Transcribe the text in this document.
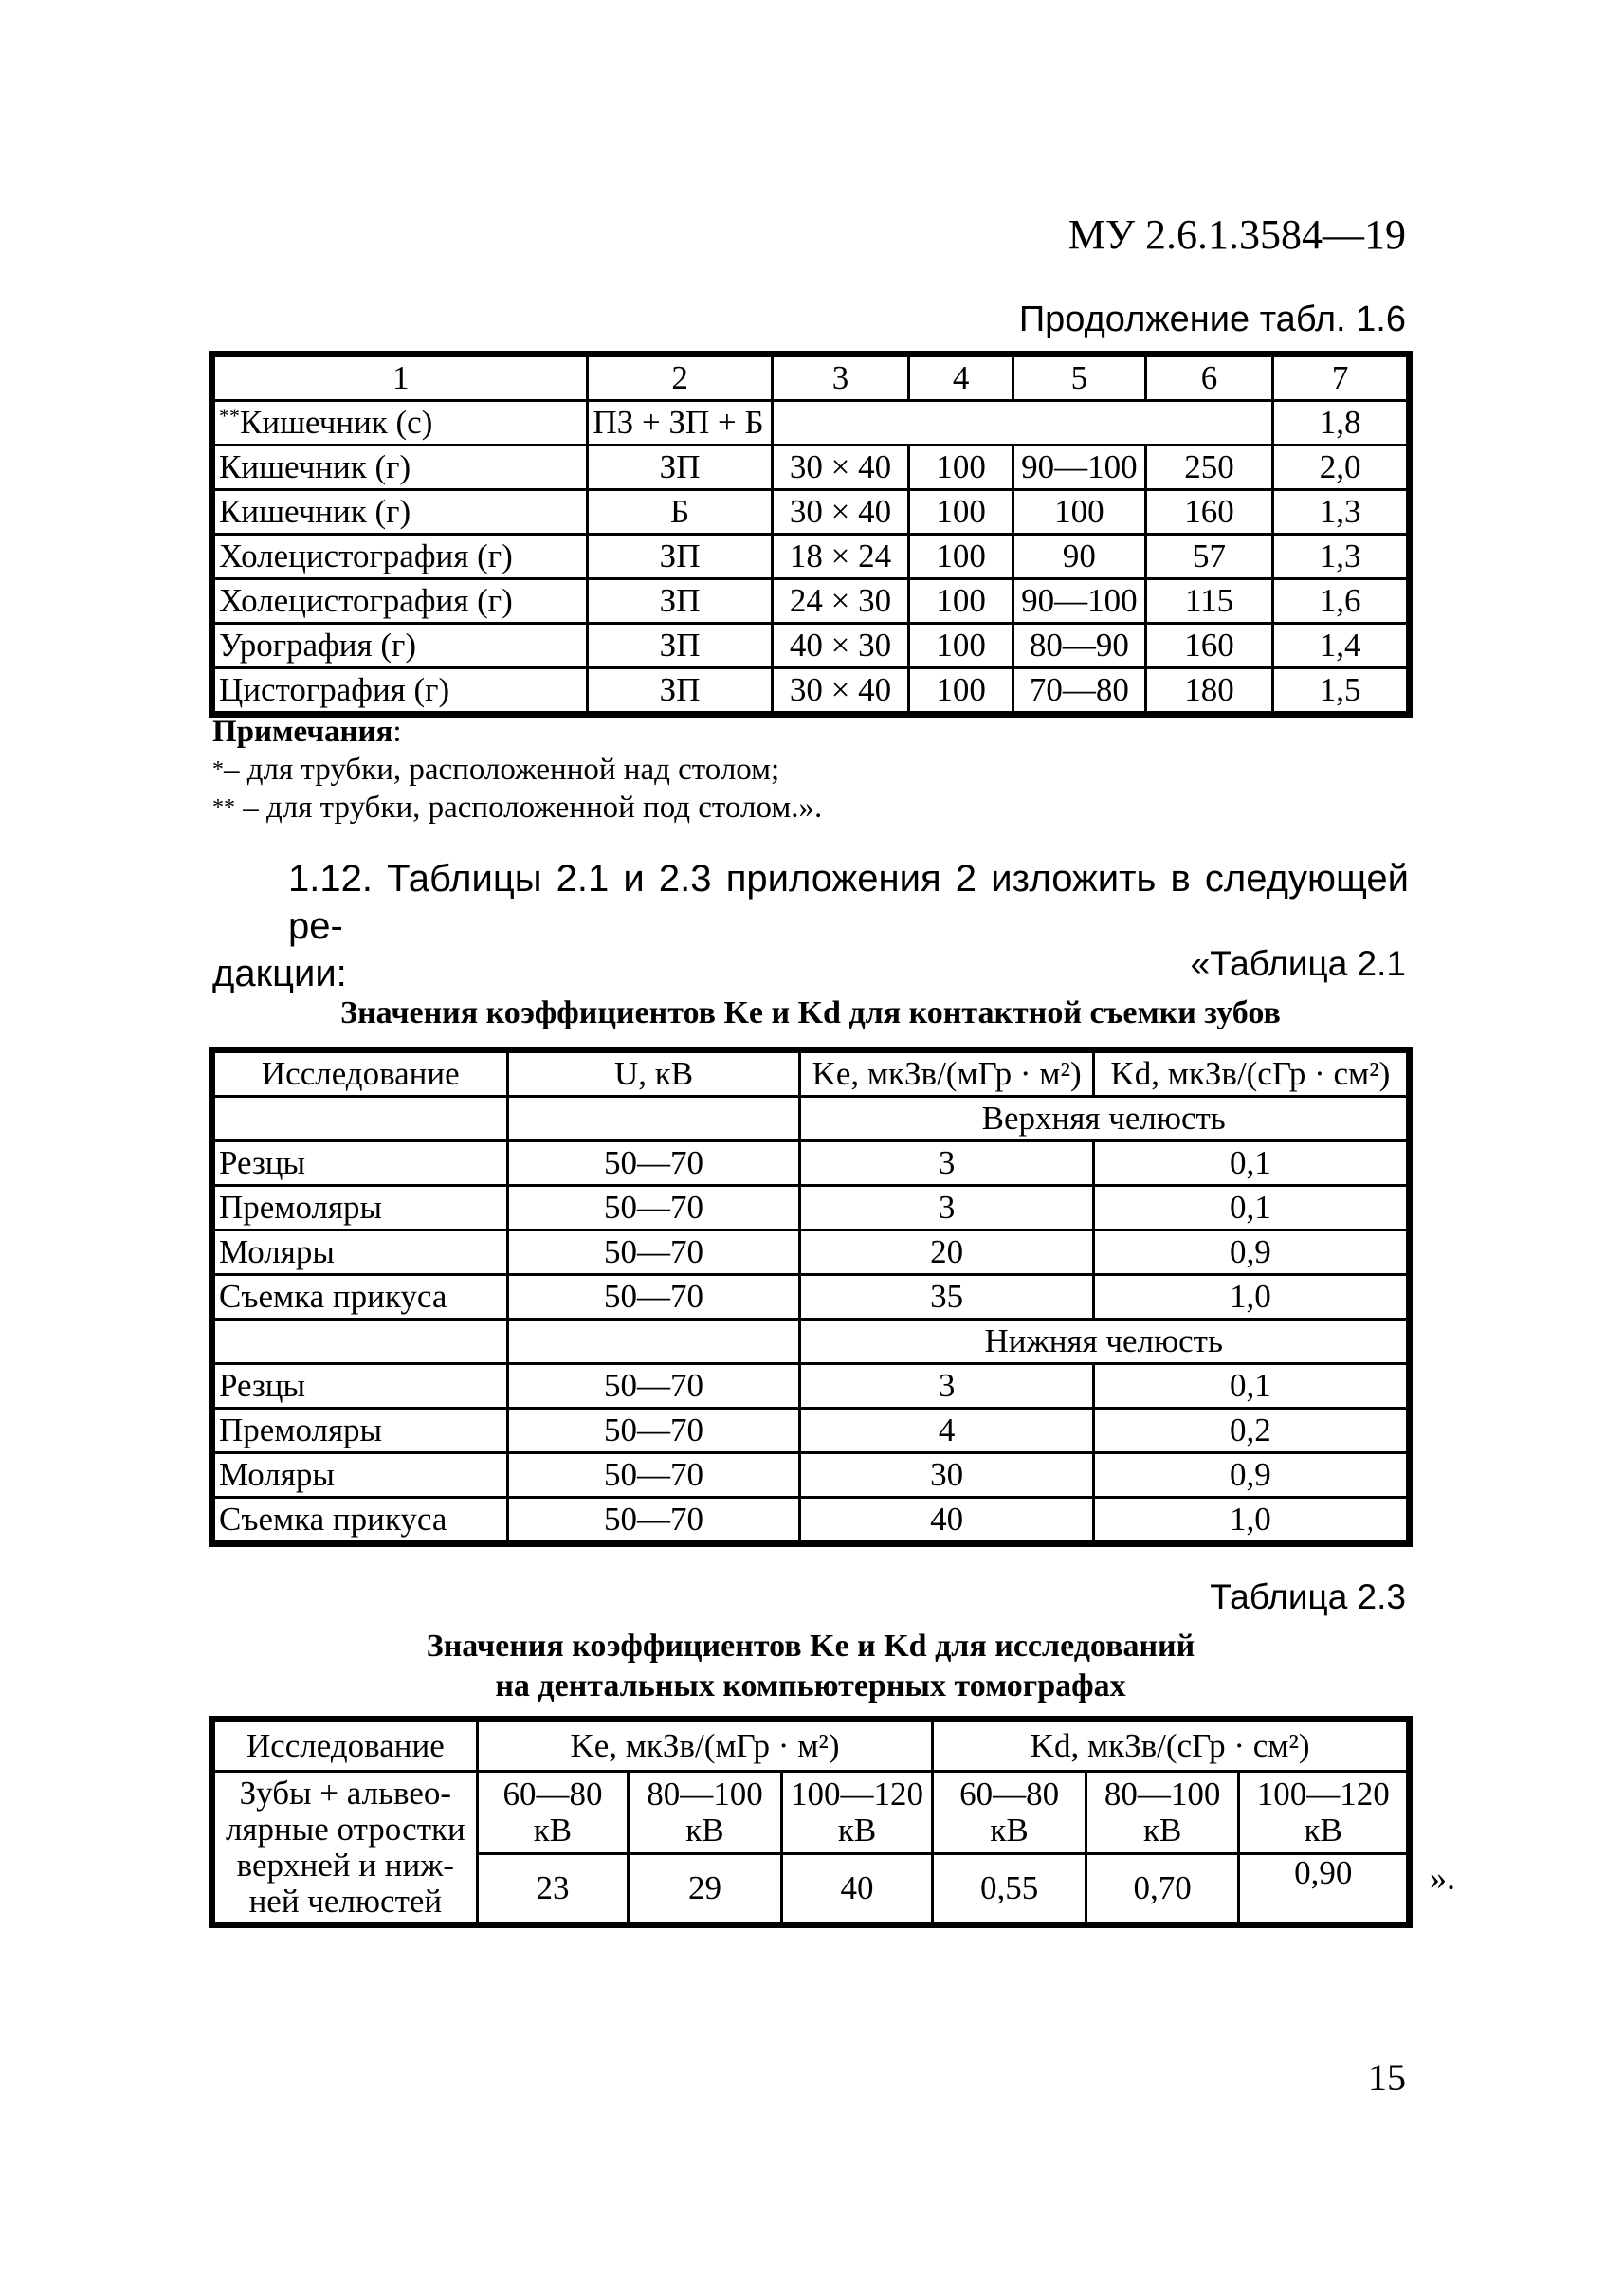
МУ 2.6.1.3584—19
Продолжение табл. 1.6
1	2	3	4	5	6	7
**Кишечник (с)	ПЗ + ЗП + Б					1,8
Кишечник (г)	ЗП	30 × 40	100	90—100	250	2,0
Кишечник (г)	Б	30 × 40	100	100	160	1,3
Холецистография (г)	ЗП	18 × 24	100	90	57	1,3
Холецистография (г)	ЗП	24 × 30	100	90—100	115	1,6
Урография (г)	ЗП	40 × 30	100	80—90	160	1,4
Цистография (г)	ЗП	30 × 40	100	70—80	180	1,5
Примечания:
*– для трубки, расположенной над столом;
** – для трубки, расположенной под столом.».
1.12. Таблицы 2.1 и 2.3 приложения 2 изложить в следующей ре-
дакции:	«Таблица 2.1
Значения коэффициентов Ke и Kd для контактной съемки зубов
Исследование	U, кВ	Ke, мкЗв/(мГр · м²)	Kd, мкЗв/(сГр · см²)
		Верхняя челюсть	
Резцы	50—70	3	0,1
Премоляры	50—70	3	0,1
Моляры	50—70	20	0,9
Съемка прикуса	50—70	35	1,0
		Нижняя челюсть	
Резцы	50—70	3	0,1
Премоляры	50—70	4	0,2
Моляры	50—70	30	0,9
Съемка прикуса	50—70	40	1,0
Таблица 2.3
Значения коэффициентов Ke и Kd для исследований
на дентальных компьютерных томографах
Исследование	Ke, мкЗв/(мГр · м²)			Kd, мкЗв/(сГр · см²)		
Зубы + альвео- лярные отростки верхней и ниж- ней челюстей	60—80 кВ	80—100 кВ	100—120 кВ	60—80 кВ	80—100 кВ	100—120 кВ
	23	29	40	0,55	0,70	0,90 ».
15
